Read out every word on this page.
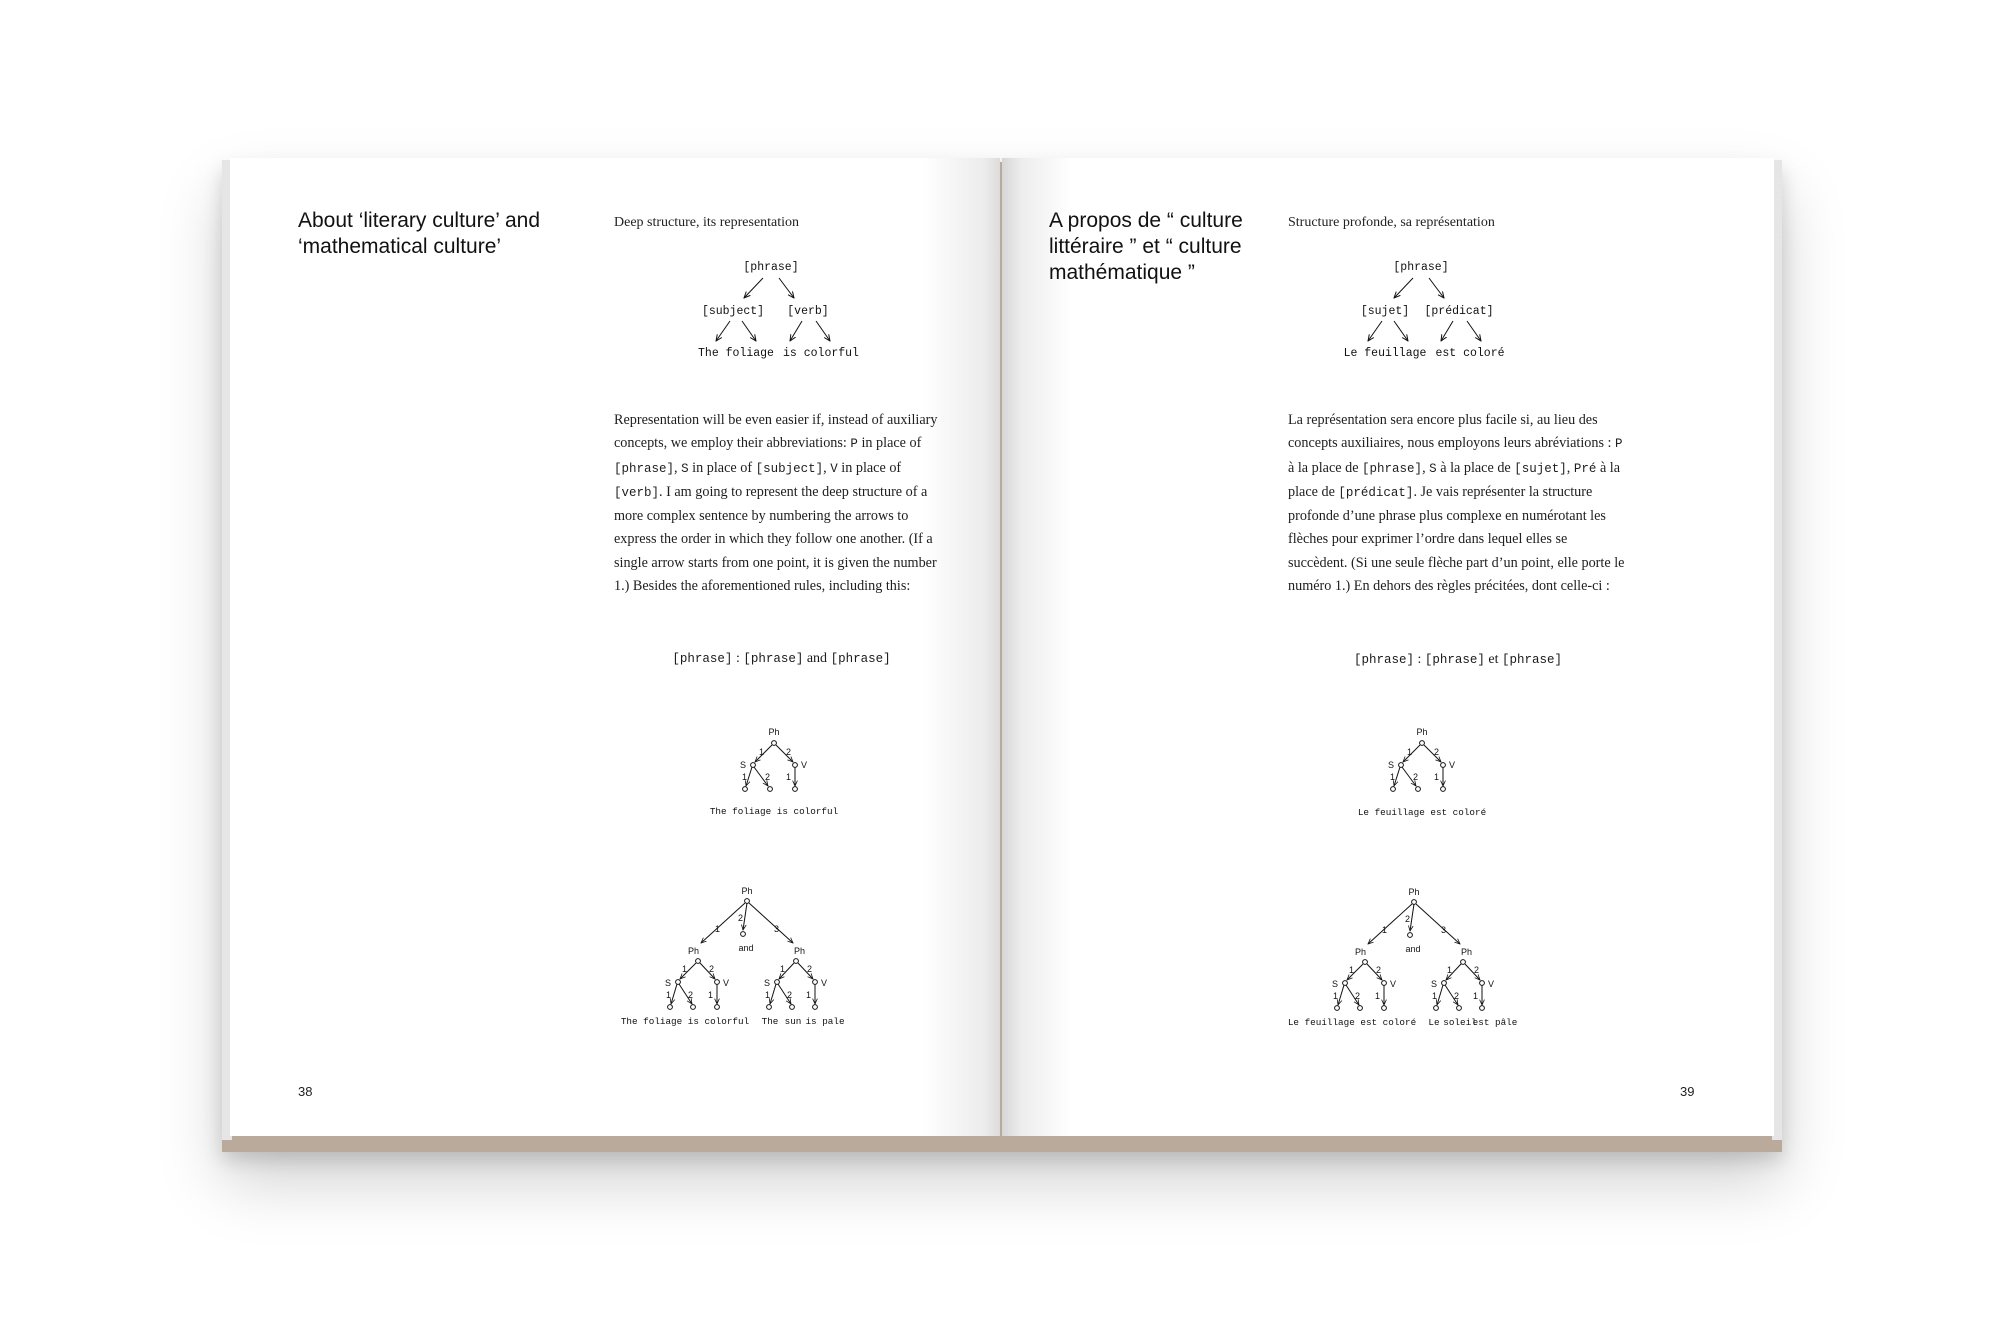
About ‘literary culture’ and
‘mathematical culture’
Deep structure, its representation
[phrase]
[subject] [verb]
The foliage is colorful
Representation will be even easier if, instead of auxiliary concepts, we employ their abbreviations: P in place of [phrase], S in place of [subject], V in place of [verb]. I am going to represent the deep structure of a more complex sentence by numbering the arrows to express the order in which they follow one another. (If a single arrow starts from one point, it is given the number 1.) Besides the aforementioned rules, including this:
[phrase] : [phrase] and [phrase]
Ph
1 2
S	V
1 2 1
The foliage is colorful
Ph
1
2
3
and
Ph	Ph
1 2	1 2
S	V	S	V
1 2 1	1 2 1
The foliage is colorful The sun is pale
38
A propos de “ culture
littéraire ” et “ culture
mathématique ”
Structure profonde, sa représentation
[phrase]
[sujet] [prédicat]
Le feuillage est coloré
La représentation sera encore plus facile si, au lieu des concepts auxiliaires, nous employons leurs abréviations : P à la place de [phrase], S à la place de [sujet], Pré à la place de [prédicat]. Je vais représenter la structure profonde d’une phrase plus complexe en numérotant les flèches pour exprimer l’ordre dans lequel elles se succèdent. (Si une seule flèche part d’un point, elle porte le numéro 1.) En dehors des règles précitées, dont celle-ci :
[phrase] : [phrase] et [phrase]
Ph
1 2
S	V
1 2 1
Le feuillage est coloré
Ph
1
2
3
and
Ph	Ph
1 2	1 2
S	V	S	V
1 2 1	1 2 1
Le feuillage est coloré Le soleil
est pâle
39
